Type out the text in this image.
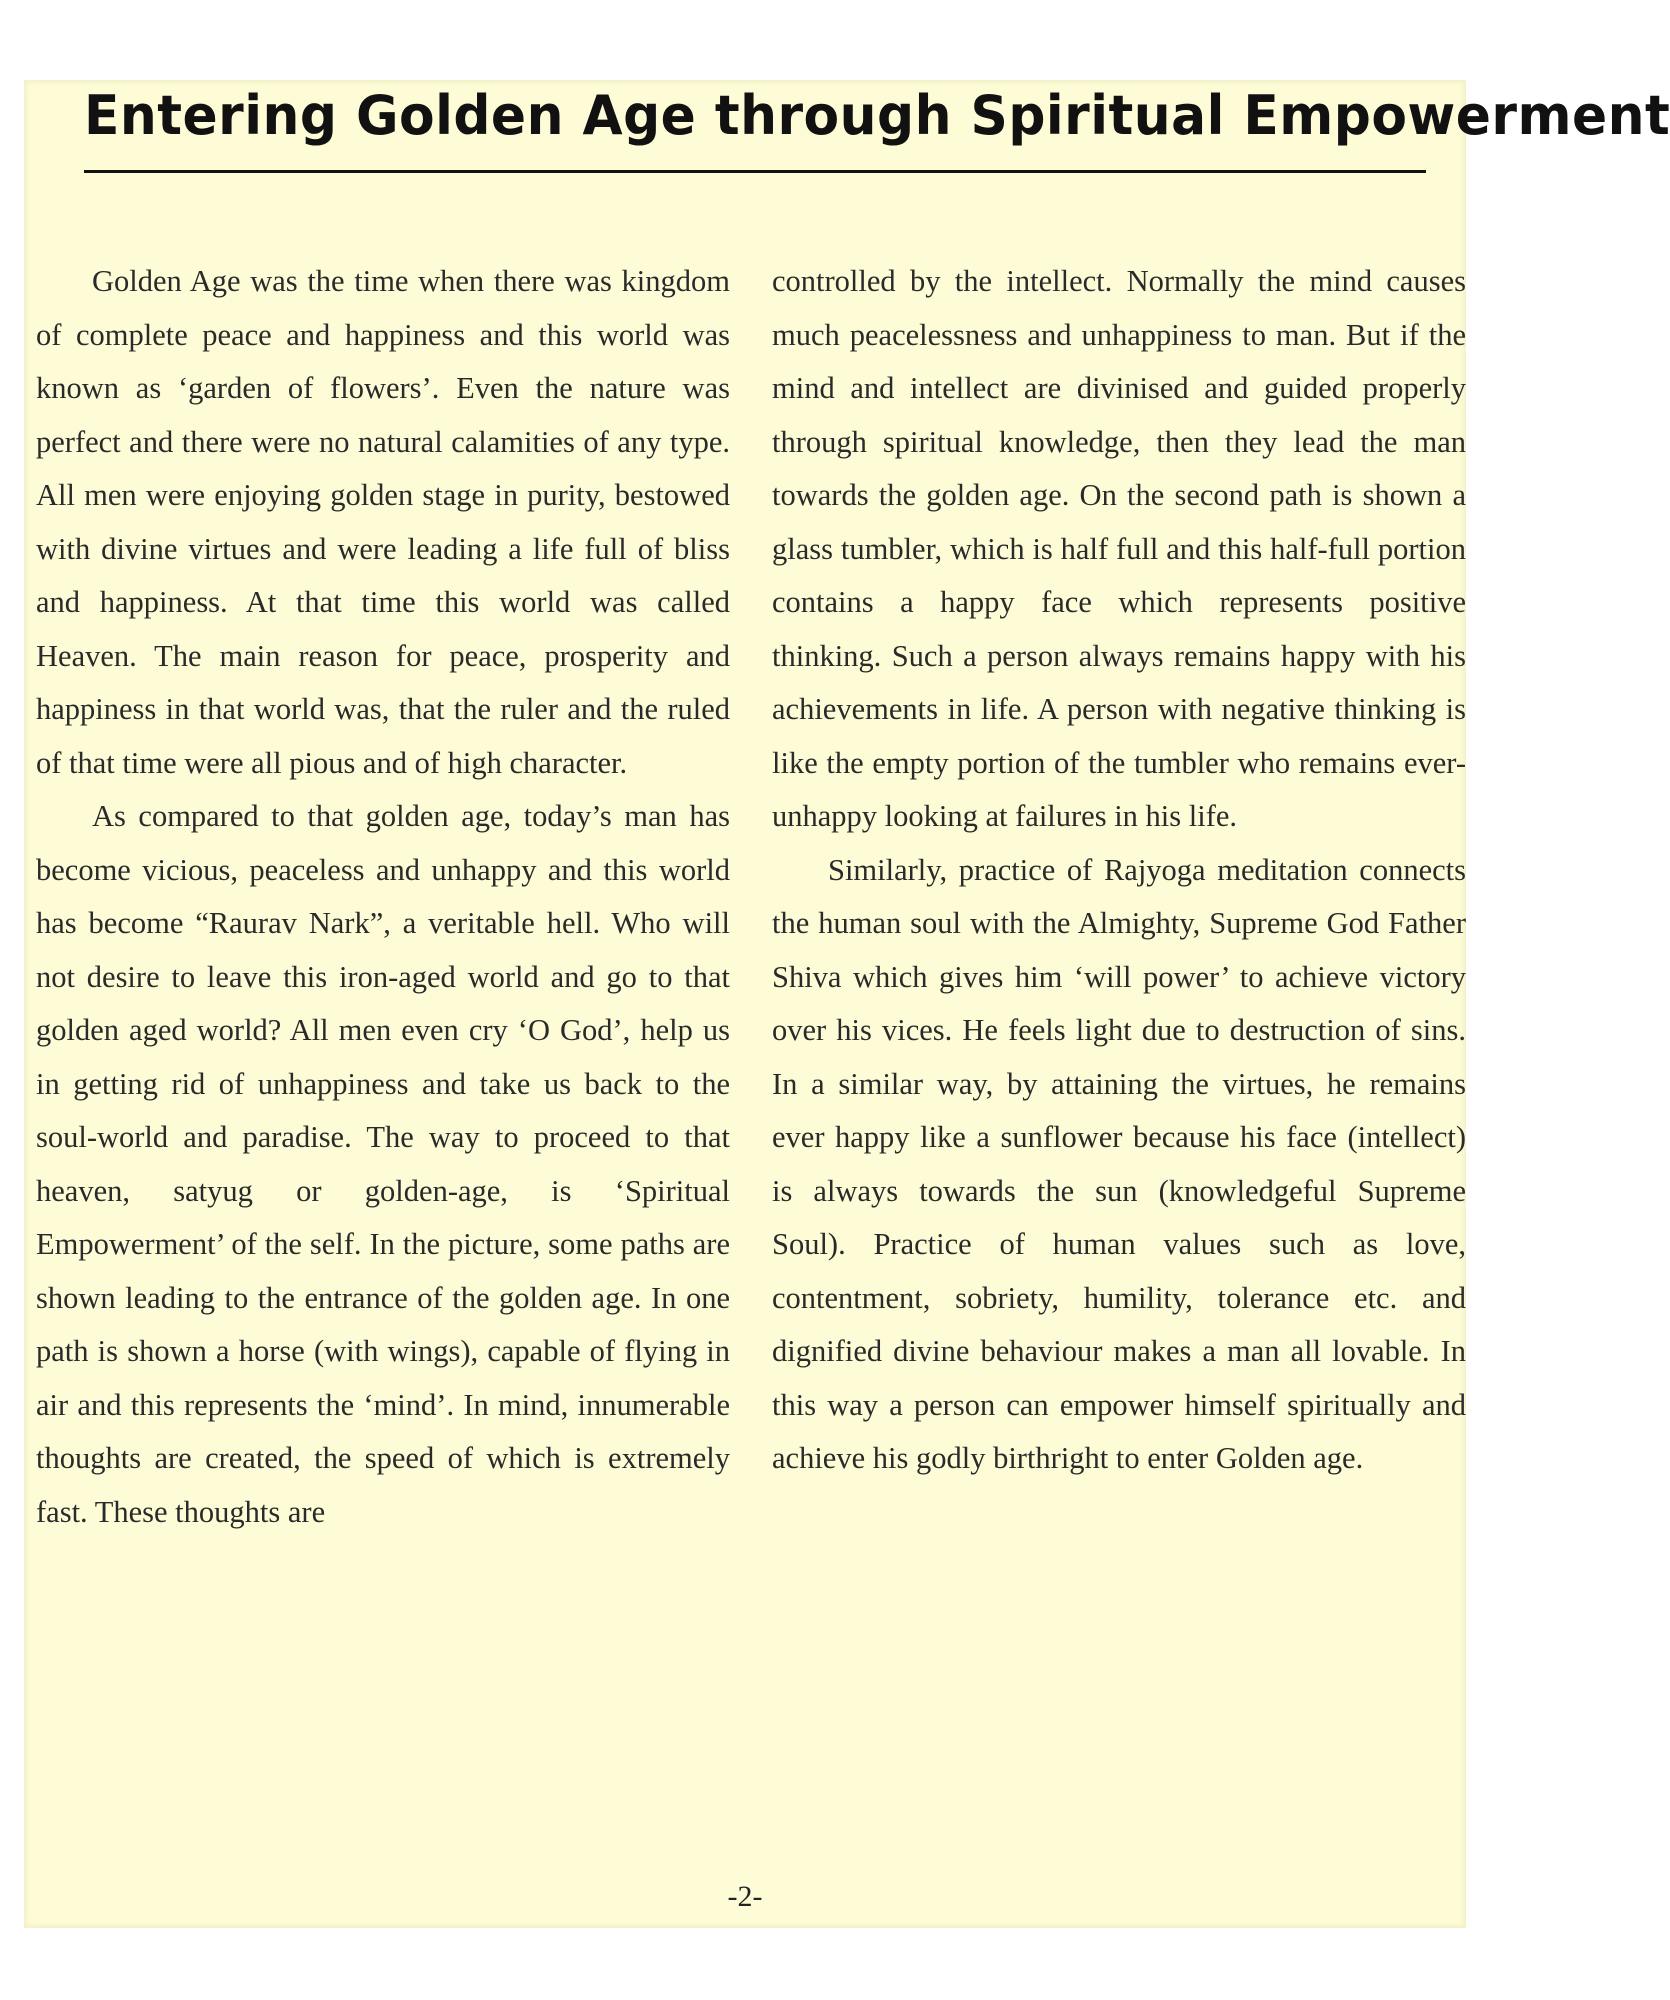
Entering Golden Age through Spiritual Empowerment

Golden Age was the time when there was kingdom of complete peace and happiness and this world was known as ‘garden of flowers’. Even the nature was perfect and there were no natural calamities of any type. All men were enjoying golden stage in purity, bestowed with divine virtues and were leading a life full of bliss and happiness. At that time this world was called Heaven. The main reason for peace, prosperity and happiness in that world was, that the ruler and the ruled of that time were all pious and of high character.

As compared to that golden age, today’s man has become vicious, peaceless and unhappy and this world has become “Raurav Nark”, a veritable hell. Who will not desire to leave this iron-aged world and go to that golden aged world? All men even cry ‘O God’, help us in getting rid of unhappiness and take us back to the soul-world and paradise. The way to proceed to that heaven, satyug or golden-age, is ‘Spiritual Empowerment’ of the self. In the picture, some paths are shown leading to the entrance of the golden age. In one path is shown a horse (with wings), capable of flying in air and this represents the ‘mind’. In mind, innumerable thoughts are created, the speed of which is extremely fast. These thoughts are

controlled by the intellect. Normally the mind causes much peacelessness and unhappiness to man. But if the mind and intellect are divinised and guided properly through spiritual knowledge, then they lead the man towards the golden age. On the second path is shown a glass tumbler, which is half full and this half-full portion contains a happy face which represents positive thinking. Such a person always remains happy with his achievements in life. A person with negative thinking is like the empty portion of the tumbler who remains ever-unhappy looking at failures in his life.

Similarly, practice of Rajyoga meditation connects the human soul with the Almighty, Supreme God Father Shiva which gives him ‘will power’ to achieve victory over his vices. He feels light due to destruction of sins. In a similar way, by attaining the virtues, he remains ever happy like a sunflower because his face (intellect) is always towards the sun (knowledgeful Supreme Soul). Practice of human values such as love, contentment, sobriety, humility, tolerance etc. and dignified divine behaviour makes a man all lovable. In this way a person can empower himself spiritually and achieve his godly birthright to enter Golden age.

-2-
